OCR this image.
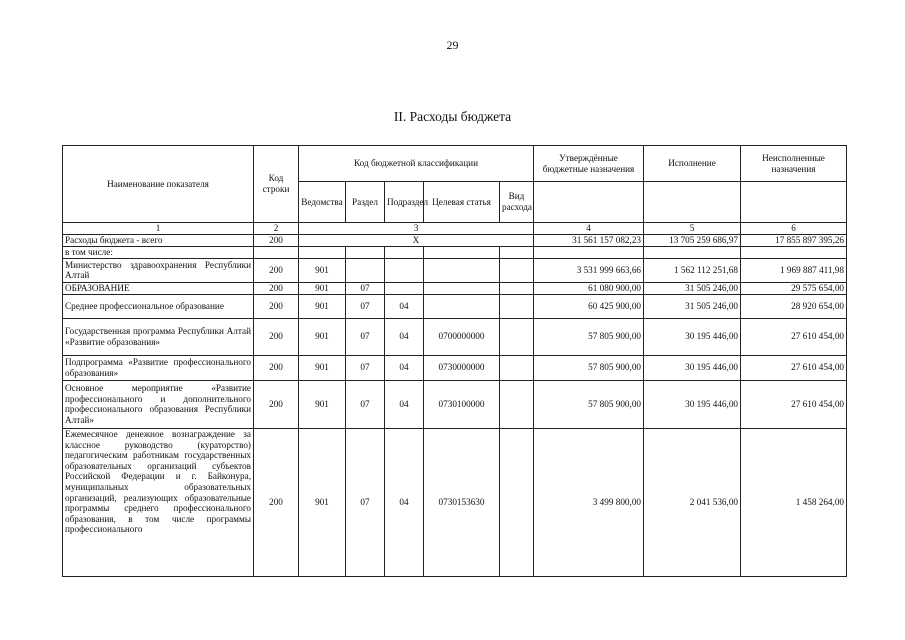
29
II. Расходы бюджета
Наименование показателя	Код строки	Код бюджетной классификации					Утверждённые бюджетные назначения	Исполнение	Неисполненные назначения
		Ведомства	Раздел	Подраздел	Целевая статья	Вид расхода			
1	2	3					4	5	6
Расходы бюджета - всего	200	X					31 561 157 082,23	13 705 259 686,97	17 855 897 395,26
в том числе:									
Министерство здравоохранения Республики Алтай	200	901					3 531 999 663,66	1 562 112 251,68	1 969 887 411,98
ОБРАЗОВАНИЕ	200	901	07				61 080 900,00	31 505 246,00	29 575 654,00
Среднее профессиональное образование	200	901	07	04			60 425 900,00	31 505 246,00	28 920 654,00
Государственная программа Республики Алтай «Развитие образования»	200	901	07	04	0700000000		57 805 900,00	30 195 446,00	27 610 454,00
Подпрограмма «Развитие профессионального образования»	200	901	07	04	0730000000		57 805 900,00	30 195 446,00	27 610 454,00
Основное мероприятие «Развитие профессионального и дополнительного профессионального образования Республики Алтай»	200	901	07	04	0730100000		57 805 900,00	30 195 446,00	27 610 454,00

Ежемесячное денежное вознаграждение за классное руководство (кураторство) педагогическим работникам государственных образовательных организаций субъектов Российской Федерации и г. Байконура, муниципальных образовательных организаций, реализующих образовательные программы среднего профессионального образования, в том числе программы профессионального	200	901	07	04	0730153630		3 499 800,00	2 041 536,00	1 458 264,00
